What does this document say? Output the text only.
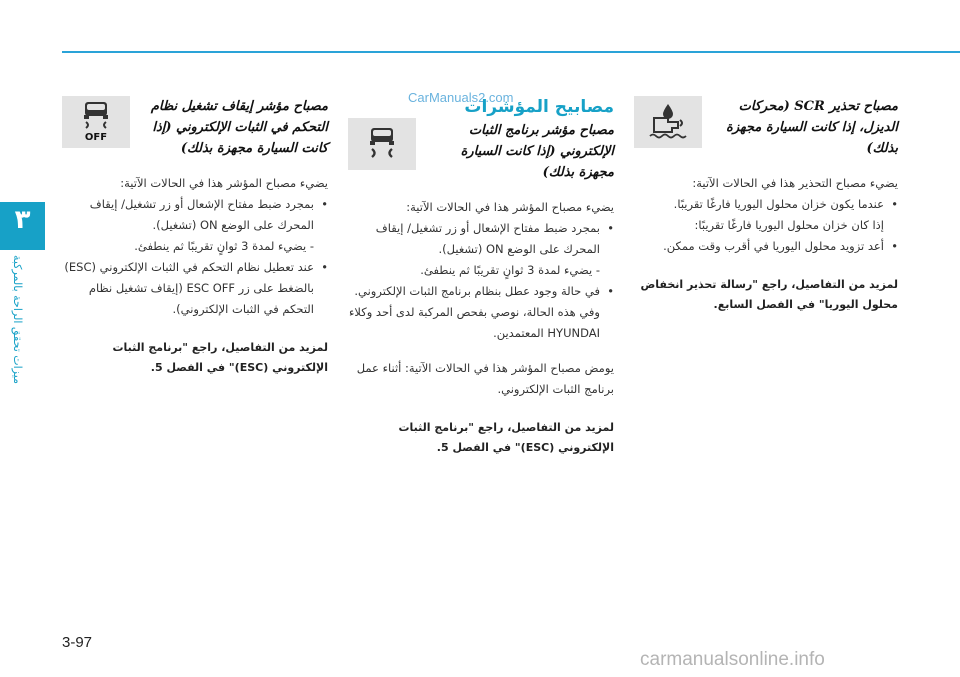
٣
ميزات تحقق الراحة بالمركبة
CarManuals2.com
OFF

مصباح مؤشر إيقاف تشغيل نظام التحكم في الثبات الإلكتروني (إذا كانت السيارة مجهزة بذلك)

يضيء مصباح المؤشر هذا في الحالات الآتية:

• بمجرد ضبط مفتاح الإشعال أو زر تشغيل/ إيقاف المحرك على الوضع ON (تشغيل).
- يضيء لمدة 3 ثوانٍ تقريبًا ثم ينطفئ.
• عند تعطيل نظام التحكم في الثبات الإلكتروني (ESC) بالضغط على زر ESC OFF (إيقاف تشغيل نظام التحكم في الثبات الإلكتروني).

لمزيد من التفاصيل، راجع "برنامج الثبات الإلكتروني (ESC)" في الفصل 5.

مصابيح المؤشرات

مصباح مؤشر برنامج الثبات الإلكتروني (إذا كانت السيارة مجهزة بذلك)

يضيء مصباح المؤشر هذا في الحالات الآتية:

• بمجرد ضبط مفتاح الإشعال أو زر تشغيل/ إيقاف المحرك على الوضع ON (تشغيل).
- يضيء لمدة 3 ثوانٍ تقريبًا ثم ينطفئ.
• في حالة وجود عطل بنظام برنامج الثبات الإلكتروني.
وفي هذه الحالة، نوصي بفحص المركبة لدى أحد وكلاء HYUNDAI المعتمدين.

يومض مصباح المؤشر هذا في الحالات الآتية: أثناء عمل برنامج الثبات الإلكتروني.

لمزيد من التفاصيل، راجع "برنامج الثبات الإلكتروني (ESC)" في الفصل 5.

مصباح تحذير SCR (محركات الديزل، إذا كانت السيارة مجهزة بذلك)

يضيء مصباح التحذير هذا في الحالات الآتية:

• عندما يكون خزان محلول اليوريا فارغًا تقريبًا.
إذا كان خزان محلول اليوريا فارغًا تقريبًا:
• أعد تزويد محلول اليوريا في أقرب وقت ممكن.

لمزيد من التفاصيل، راجع "رسالة تحذير انخفاض محلول اليوريا" في الفصل السابع.

3-97
carmanualsonline.info
